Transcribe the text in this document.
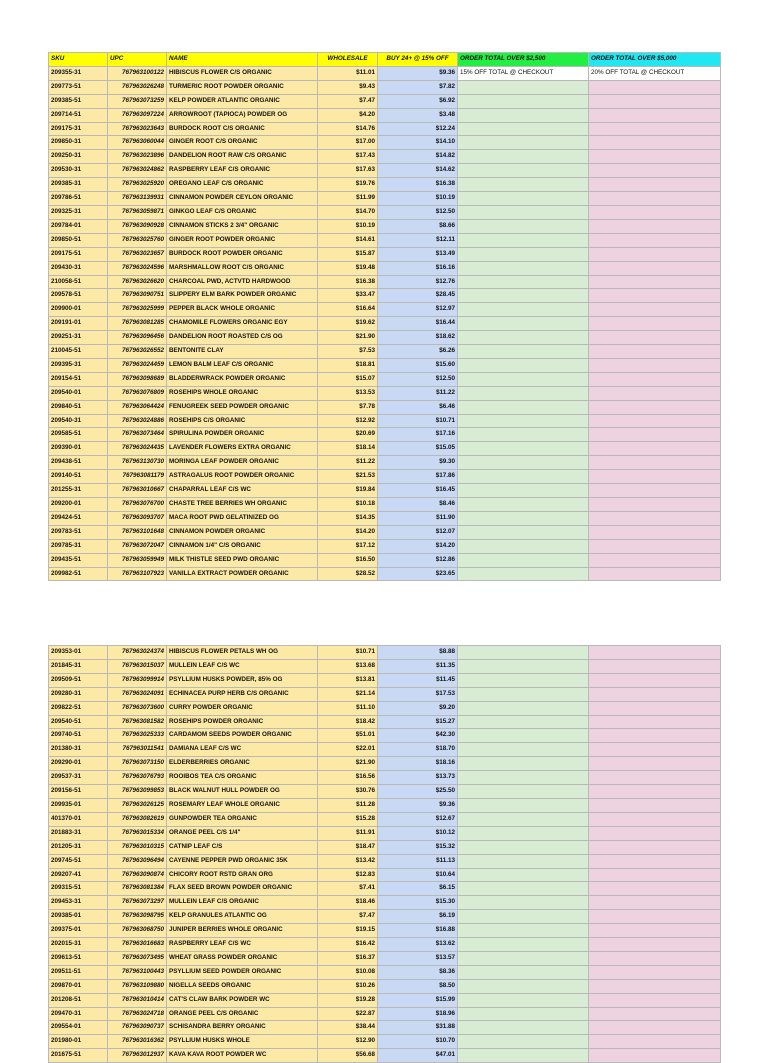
SKU	UPC	NAME	WHOLESALE	BUY 24+ @ 15% OFF	ORDER TOTAL OVER $2,500	ORDER TOTAL OVER $5,000
209355-31	767963100122	HIBISCUS FLOWER C/S ORGANIC	$11.01	$9.36	15% OFF TOTAL @ CHECKOUT	20% OFF TOTAL @ CHECKOUT
209773-51	767963026248	TURMERIC ROOT POWDER ORGANIC	$9.43	$7.82		
209385-51	767963073259	KELP POWDER ATLANTIC ORGANIC	$7.47	$6.92		
209714-51	767963097224	ARROWROOT (TAPIOCA) POWDER OG	$4.20	$3.48		
209175-31	767963023643	BURDOCK ROOT C/S ORGANIC	$14.76	$12.24		
209850-31	767963060044	GINGER ROOT C/S ORGANIC	$17.00	$14.10		
209250-31	767963023896	DANDELION ROOT RAW C/S ORGANIC	$17.43	$14.82		
209530-31	767963024862	RASPBERRY LEAF C/S ORGANIC	$17.63	$14.62		
209385-31	767963025920	OREGANO LEAF C/S ORGANIC	$19.76	$16.38		
209786-51	767963139931	CINNAMON POWDER CEYLON ORGANIC	$11.99	$10.19		
209325-31	767963059871	GINKGO LEAF C/S ORGANIC	$14.70	$12.50		
209784-01	767963090928	CINNAMON STICKS 2 3/4" ORGANIC	$10.19	$8.66		
209850-51	767963025760	GINGER ROOT POWDER ORGANIC	$14.61	$12.11		
209175-51	767963023657	BURDOCK ROOT POWDER ORGANIC	$15.87	$13.49		
209430-31	767963024596	MARSHMALLOW ROOT C/S ORGANIC	$19.48	$16.16		
210058-51	767963026620	CHARCOAL PWD, ACTVTD HARDWOOD	$16.38	$12.76		
209578-51	767963090751	SLIPPERY ELM BARK POWDER ORGANIC	$33.47	$28.45		
209900-01	767963025999	PEPPER BLACK WHOLE ORGANIC	$16.64	$12.97		
209191-01	767963081285	CHAMOMILE FLOWERS ORGANIC EGY	$19.62	$16.44		
209251-31	767963096456	DANDELION ROOT ROASTED C/S OG	$21.90	$18.62		
210045-51	767963026552	BENTONITE CLAY	$7.53	$6.26		
209395-31	767963024459	LEMON BALM LEAF C/S ORGANIC	$18.81	$15.60		
209154-51	767963098689	BLADDERWRACK POWDER ORGANIC	$15.07	$12.50		
209540-01	767963076809	ROSEHIPS WHOLE ORGANIC	$13.53	$11.22		
209840-51	767963064424	FENUGREEK SEED POWDER ORGANIC	$7.78	$6.46		
209540-31	767963024886	ROSEHIPS C/S ORGANIC	$12.92	$10.71		
209585-51	767963073464	SPIRULINA POWDER ORGANIC	$20.69	$17.16		
209390-01	767963024435	LAVENDER FLOWERS EXTRA ORGANIC	$18.14	$15.05		
209438-51	767963130730	MORINGA LEAF POWDER ORGANIC	$11.22	$9.30		
209140-51	767963081179	ASTRAGALUS ROOT POWDER ORGANIC	$21.53	$17.86		
201255-31	767963010667	CHAPARRAL LEAF C/S WC	$19.84	$16.45		
209200-01	767963076700	CHASTE TREE BERRIES WH ORGANIC	$10.18	$8.46		
209424-51	767963093707	MACA ROOT PWD GELATINIZED OG	$14.35	$11.90		
209783-51	767963101648	CINNAMON POWDER ORGANIC	$14.20	$12.07		
209785-31	767963072047	CINNAMON 1/4" C/S ORGANIC	$17.12	$14.20		
209435-51	767963059949	MILK THISTLE SEED PWD ORGANIC	$16.50	$12.86		
209982-51	767963107923	VANILLA EXTRACT POWDER ORGANIC	$28.52	$23.65		
209353-01	767963024374	HIBISCUS FLOWER PETALS WH OG	$10.71	$8.88		
201845-31	767963015037	MULLEIN LEAF C/S WC	$13.68	$11.35		
209509-51	767963099914	PSYLLIUM HUSKS POWDER, 85% OG	$13.81	$11.45		
209280-31	767963024091	ECHINACEA PURP HERB C/S ORGANIC	$21.14	$17.53		
209822-51	767963073600	CURRY POWDER ORGANIC	$11.10	$9.20		
209540-51	767963081582	ROSEHIPS POWDER ORGANIC	$18.42	$15.27		
209740-51	767963025333	CARDAMOM SEEDS POWDER ORGANIC	$51.01	$42.30		
201380-31	767963011541	DAMIANA LEAF C/S WC	$22.01	$18.70		
209290-01	767963073150	ELDERBERRIES ORGANIC	$21.90	$18.16		
209537-31	767963076793	ROOIBOS TEA C/S ORGANIC	$16.56	$13.73		
209156-51	767963099853	BLACK WALNUT HULL POWDER OG	$30.76	$25.50		
209935-01	767963026125	ROSEMARY LEAF WHOLE ORGANIC	$11.28	$9.36		
401370-01	767963082619	GUNPOWDER TEA ORGANIC	$15.28	$12.67		
201883-31	767963015334	ORANGE PEEL C/S 1/4"	$11.91	$10.12		
201205-31	767963010315	CATNIP LEAF C/S	$18.47	$15.32		
209745-51	767963096494	CAYENNE PEPPER PWD ORGANIC 35K	$13.42	$11.13		
209207-41	767963090874	CHICORY ROOT RSTD GRAN ORG	$12.83	$10.64		
209315-51	767963081384	FLAX SEED BROWN POWDER ORGANIC	$7.41	$6.15		
209453-31	767963073297	MULLEIN LEAF C/S ORGANIC	$18.46	$15.30		
209385-01	767963098795	KELP GRANULES ATLANTIC OG	$7.47	$6.19		
209375-01	767963068750	JUNIPER BERRIES WHOLE ORGANIC	$19.15	$16.88		
202015-31	767963016683	RASPBERRY LEAF C/S WC	$16.42	$13.62		
209613-51	767963073495	WHEAT GRASS POWDER ORGANIC	$16.37	$13.57		
209511-51	767963100443	PSYLLIUM SEED POWDER ORGANIC	$10.08	$8.36		
209870-01	767963109880	NIGELLA SEEDS ORGANIC	$10.26	$8.50		
201208-51	767963010414	CAT'S CLAW BARK POWDER WC	$19.28	$15.99		
209470-31	767963024718	ORANGE PEEL C/S ORGANIC	$22.87	$18.96		
209554-01	767963090737	SCHISANDRA BERRY ORGANIC	$38.44	$31.88		
201980-01	767963016362	PSYLLIUM HUSKS WHOLE	$12.90	$10.70		
201675-51	767963012937	KAVA KAVA ROOT POWDER WC	$56.68	$47.01		
